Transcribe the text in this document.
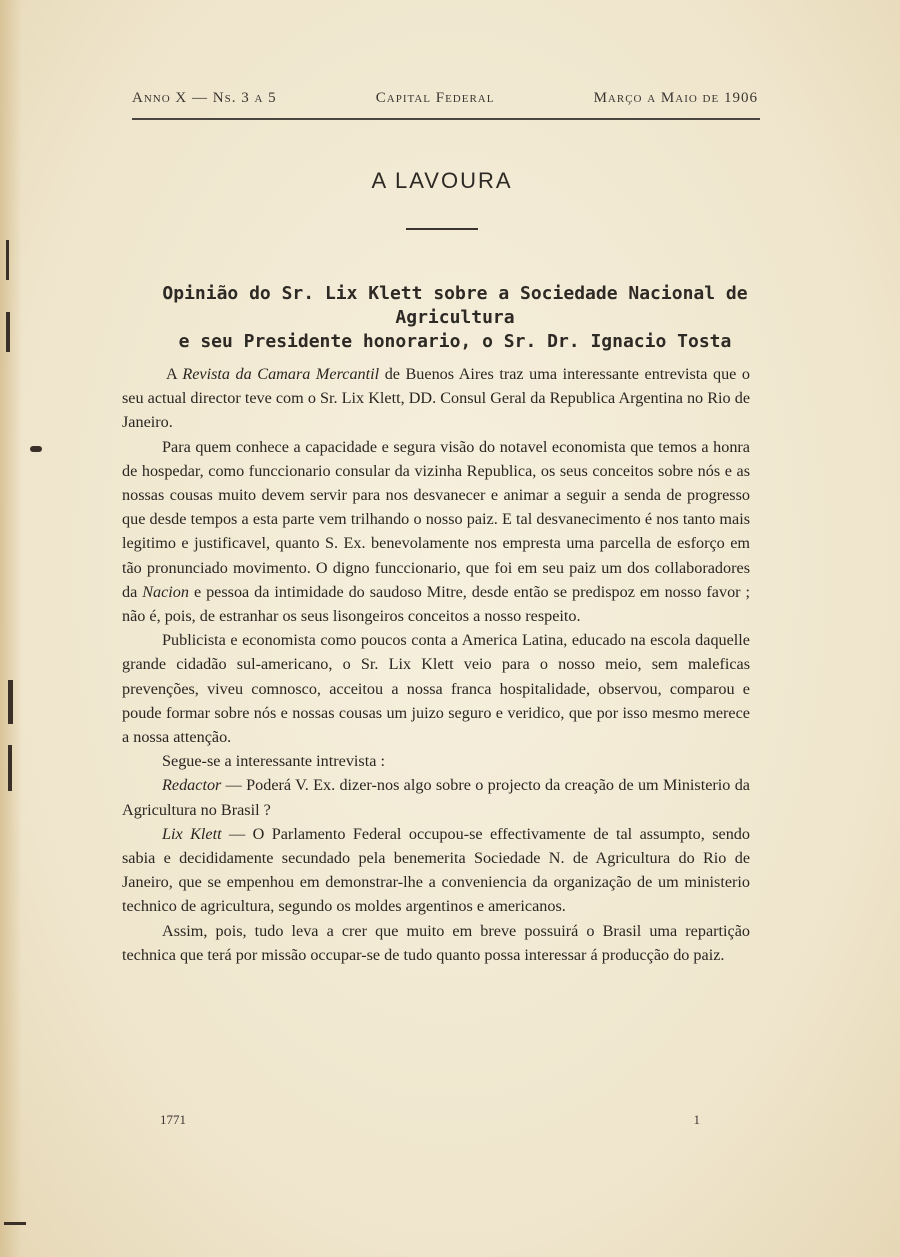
Anno X — Ns. 3 a 5	Capital Federal	Março a Maio de 1906
A LAVOURA
Opinião do Sr. Lix Klett sobre a Sociedade Nacional de Agricultura
e seu Presidente honorario, o Sr. Dr. Ignacio Tosta

A Revista da Camara Mercantil de Buenos Aires traz uma interessante entrevista que o seu actual director teve com o Sr. Lix Klett, DD. Consul Geral da Republica Argentina no Rio de Janeiro.

Para quem conhece a capacidade e segura visão do notavel economista que temos a honra de hospedar, como funccionario consular da vizinha Republica, os seus conceitos sobre nós e as nossas cousas muito devem servir para nos desvanecer e animar a seguir a senda de progresso que desde tempos a esta parte vem trilhando o nosso paiz. E tal desvanecimento é nos tanto mais legitimo e justificavel, quanto S. Ex. benevolamente nos empresta uma parcella de esforço em tão pronunciado movimento. O digno funccionario, que foi em seu paiz um dos collaboradores da Nacion e pessoa da intimidade do saudoso Mitre, desde então se predispoz em nosso favor ; não é, pois, de estranhar os seus lisongeiros conceitos a nosso respeito.

Publicista e economista como poucos conta a America Latina, educado na escola daquelle grande cidadão sul-americano, o Sr. Lix Klett veio para o nosso meio, sem maleficas prevenções, viveu comnosco, acceitou a nossa franca hospitalidade, observou, comparou e poude formar sobre nós e nossas cousas um juizo seguro e veridico, que por isso mesmo merece a nossa attenção.

Segue-se a interessante intrevista :

Redactor — Poderá V. Ex. dizer-nos algo sobre o projecto da creação de um Ministerio da Agricultura no Brasil ?

Lix Klett — O Parlamento Federal occupou-se effectivamente de tal assumpto, sendo sabia e decididamente secundado pela benemerita Sociedade N. de Agricultura do Rio de Janeiro, que se empenhou em demonstrar-lhe a conveniencia da organização de um ministerio technico de agricultura, segundo os moldes argentinos e americanos.

Assim, pois, tudo leva a crer que muito em breve possuirá o Brasil uma repartição technica que terá por missão occupar-se de tudo quanto possa interessar á producção do paiz.

1771	1
